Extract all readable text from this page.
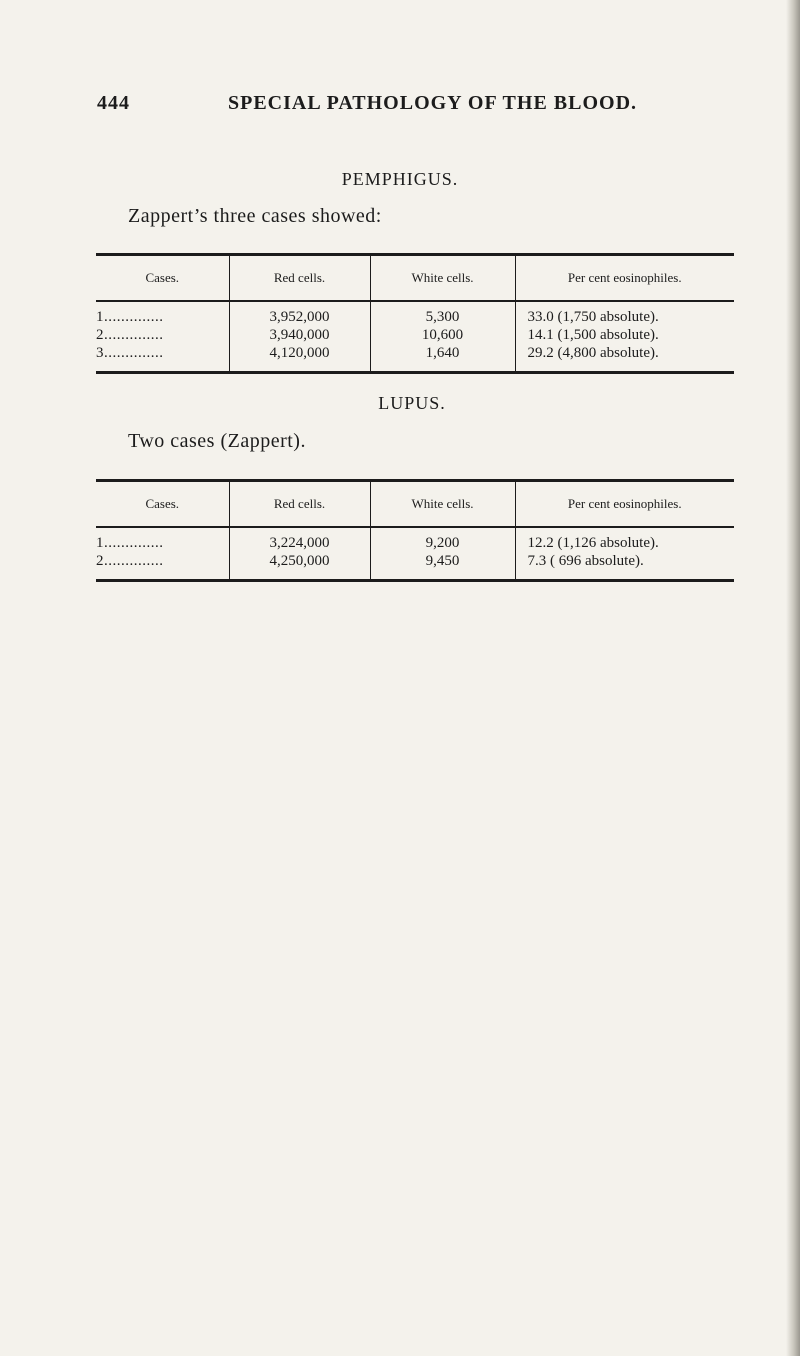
444	SPECIAL PATHOLOGY OF THE BLOOD.
PEMPHIGUS.
Zappert’s three cases showed:
Cases.	Red cells.	White cells.	Per cent eosinophiles.
1..............	3,952,000	5,300	33.0 (1,750 absolute).
2..............	3,940,000	10,600	14.1 (1,500 absolute).
3..............	4,120,000	1,640	29.2 (4,800 absolute).
LUPUS.
Two cases (Zappert).
Cases.	Red cells.	White cells.	Per cent eosinophiles.
1..............	3,224,000	9,200	12.2 (1,126 absolute).
2..............	4,250,000	9,450	7.3 ( 696 absolute).
